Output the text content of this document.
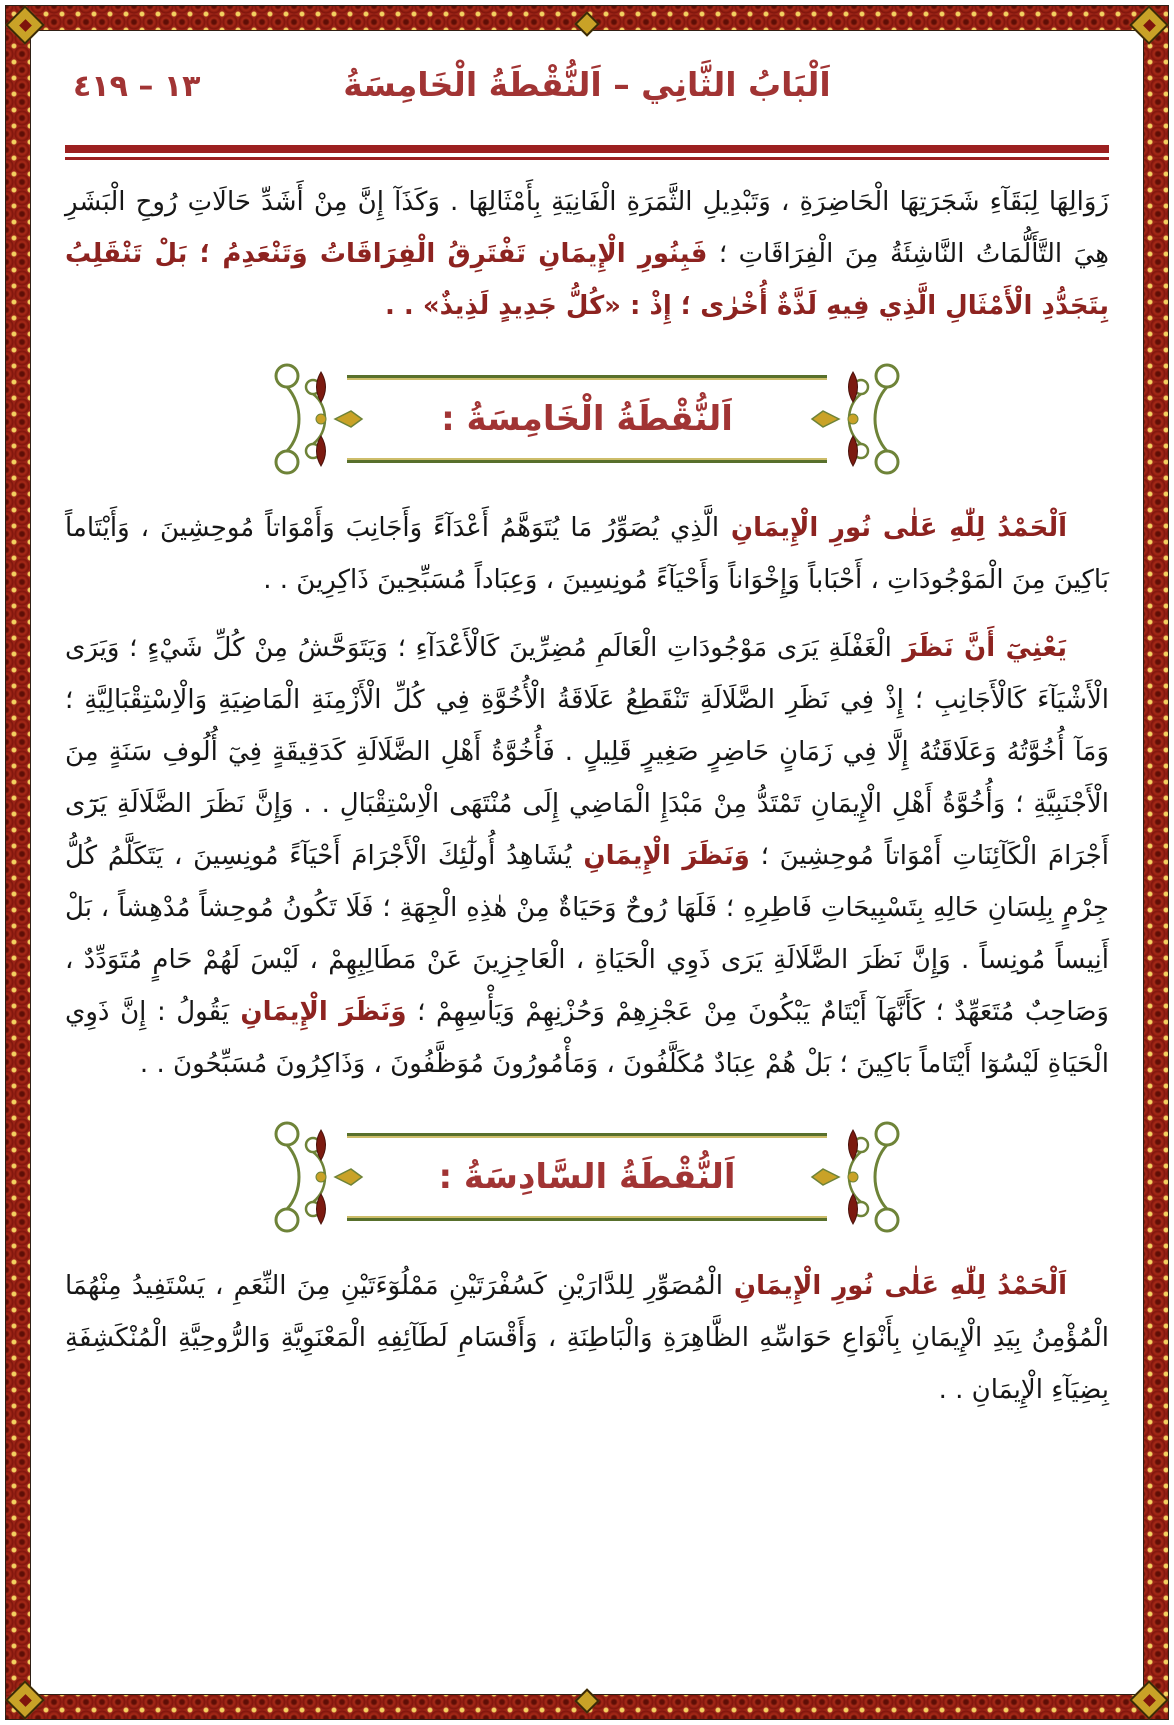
١٣ – ٤١٩	اَلْبَابُ الثَّانِي – اَلنُّقْطَةُ الْخَامِسَةُ

زَوَالِهَا لِبَقَآءِ شَجَرَتِهَا الْحَاضِرَةِ ، وَتَبْدِيلِ الثَّمَرَةِ الْفَانِيَةِ بِأَمْثَالِهَا . وَكَذَآ إِنَّ مِنْ أَشَدِّ حَالَاتِ رُوحِ الْبَشَرِ هِيَ التَّأَلُّمَاتُ النَّاشِئَةُ مِنَ الْفِرَاقَاتِ ؛ فَبِنُورِ الْإِيمَانِ تَفْتَرِقُ الْفِرَاقَاتُ وَتَنْعَدِمُ ؛ بَلْ تَنْقَلِبُ بِتَجَدُّدِ الْأَمْثَالِ الَّذِي فِيهِ لَذَّةٌ أُخْرٰى ؛ إِذْ : «كُلُّ جَدِيدٍ لَذِيذٌ» . .

اَلنُّقْطَةُ الْخَامِسَةُ :

اَلْحَمْدُ لِلّٰهِ عَلٰى نُورِ الْإِيمَانِ الَّذِي يُصَوِّرُ مَا يُتَوَهَّمُ أَعْدَآءً وَأَجَانِبَ وَأَمْوَاتاً مُوحِشِينَ ، وَأَيْتَاماً بَاكِينَ مِنَ الْمَوْجُودَاتِ ، أَحْبَاباً وَإِخْوَاناً وَأَحْيَآءً مُونِسِينَ ، وَعِبَاداً مُسَبِّحِينَ ذَاكِرِينَ . .

يَعْنِيٓ أَنَّ نَظَرَ الْغَفْلَةِ يَرَى مَوْجُودَاتِ الْعَالَمِ مُضِرِّينَ كَالْأَعْدَآءِ ؛ وَيَتَوَحَّشُ مِنْ كُلِّ شَيْءٍ ؛ وَيَرَى الْأَشْيَآءَ كَالْأَجَانِبِ ؛ إِذْ فِي نَظَرِ الضَّلَالَةِ تَنْقَطِعُ عَلَاقَةُ الْأُخُوَّةِ فِي كُلِّ الْأَزْمِنَةِ الْمَاضِيَةِ وَالْاِسْتِقْبَالِيَّةِ ؛ وَمَآ أُخُوَّتُهُ وَعَلَاقَتُهُ إِلَّا فِي زَمَانٍ حَاضِرٍ صَغِيرٍ قَلِيلٍ . فَأُخُوَّةُ أَهْلِ الضَّلَالَةِ كَدَقِيقَةٍ فِيٓ أُلُوفِ سَنَةٍ مِنَ الْأَجْنَبِيَّةِ ؛ وَأُخُوَّةُ أَهْلِ الْإِيمَانِ تَمْتَدُّ مِنْ مَبْدَإِ الْمَاضِي إِلَى مُنْتَهَى الْاِسْتِقْبَالِ . . وَإِنَّ نَظَرَ الضَّلَالَةِ يَرَٓى أَجْرَامَ الْكَآئِنَاتِ أَمْوَاتاً مُوحِشِينَ ؛ وَنَظَرَ الْإِيمَانِ يُشَاهِدُ أُولٰٓئِكَ الْأَجْرَامَ أَحْيَآءً مُونِسِينَ ، يَتَكَلَّمُ كُلُّ جِرْمٍ بِلِسَانِ حَالِهِ بِتَسْبِيحَاتِ فَاطِرِهِ ؛ فَلَهَا رُوحٌ وَحَيَاةٌ مِنْ هٰذِهِ الْجِهَةِ ؛ فَلَا تَكُونُ مُوحِشاً مُدْهِشاً ، بَلْ أَنِيساً مُونِساً . وَإِنَّ نَظَرَ الضَّلَالَةِ يَرَى ذَوِي الْحَيَاةِ ، الْعَاجِزِينَ عَنْ مَطَالِبِهِمْ ، لَيْسَ لَهُمْ حَامٍ مُتَوَدِّدٌ ، وَصَاحِبٌ مُتَعَهِّدٌ ؛ كَأَنَّهَآ أَيْتَامٌ يَبْكُونَ مِنْ عَجْزِهِمْ وَحُزْنِهِمْ وَيَأْسِهِمْ ؛ وَنَظَرَ الْإِيمَانِ يَقُولُ : إِنَّ ذَوِي الْحَيَاةِ لَيْسُوٓا أَيْتَاماً بَاكِينَ ؛ بَلْ هُمْ عِبَادٌ مُكَلَّفُونَ ، وَمَأْمُورُونَ مُوَظَّفُونَ ، وَذَاكِرُونَ مُسَبِّحُونَ . .

اَلنُّقْطَةُ السَّادِسَةُ :

اَلْحَمْدُ لِلّٰهِ عَلٰى نُورِ الْإِيمَانِ الْمُصَوِّرِ لِلدَّارَيْنِ كَسُفْرَتَيْنِ مَمْلُوٓءَتَيْنِ مِنَ النِّعَمِ ، يَسْتَفِيدُ مِنْهُمَا الْمُؤْمِنُ بِيَدِ الْإِيمَانِ بِأَنْوَاعِ حَوَاسِّهِ الظَّاهِرَةِ وَالْبَاطِنَةِ ، وَأَقْسَامِ لَطَآئِفِهِ الْمَعْنَوِيَّةِ وَالرُّوحِيَّةِ الْمُنْكَشِفَةِ بِضِيَآءِ الْإِيمَانِ . .
